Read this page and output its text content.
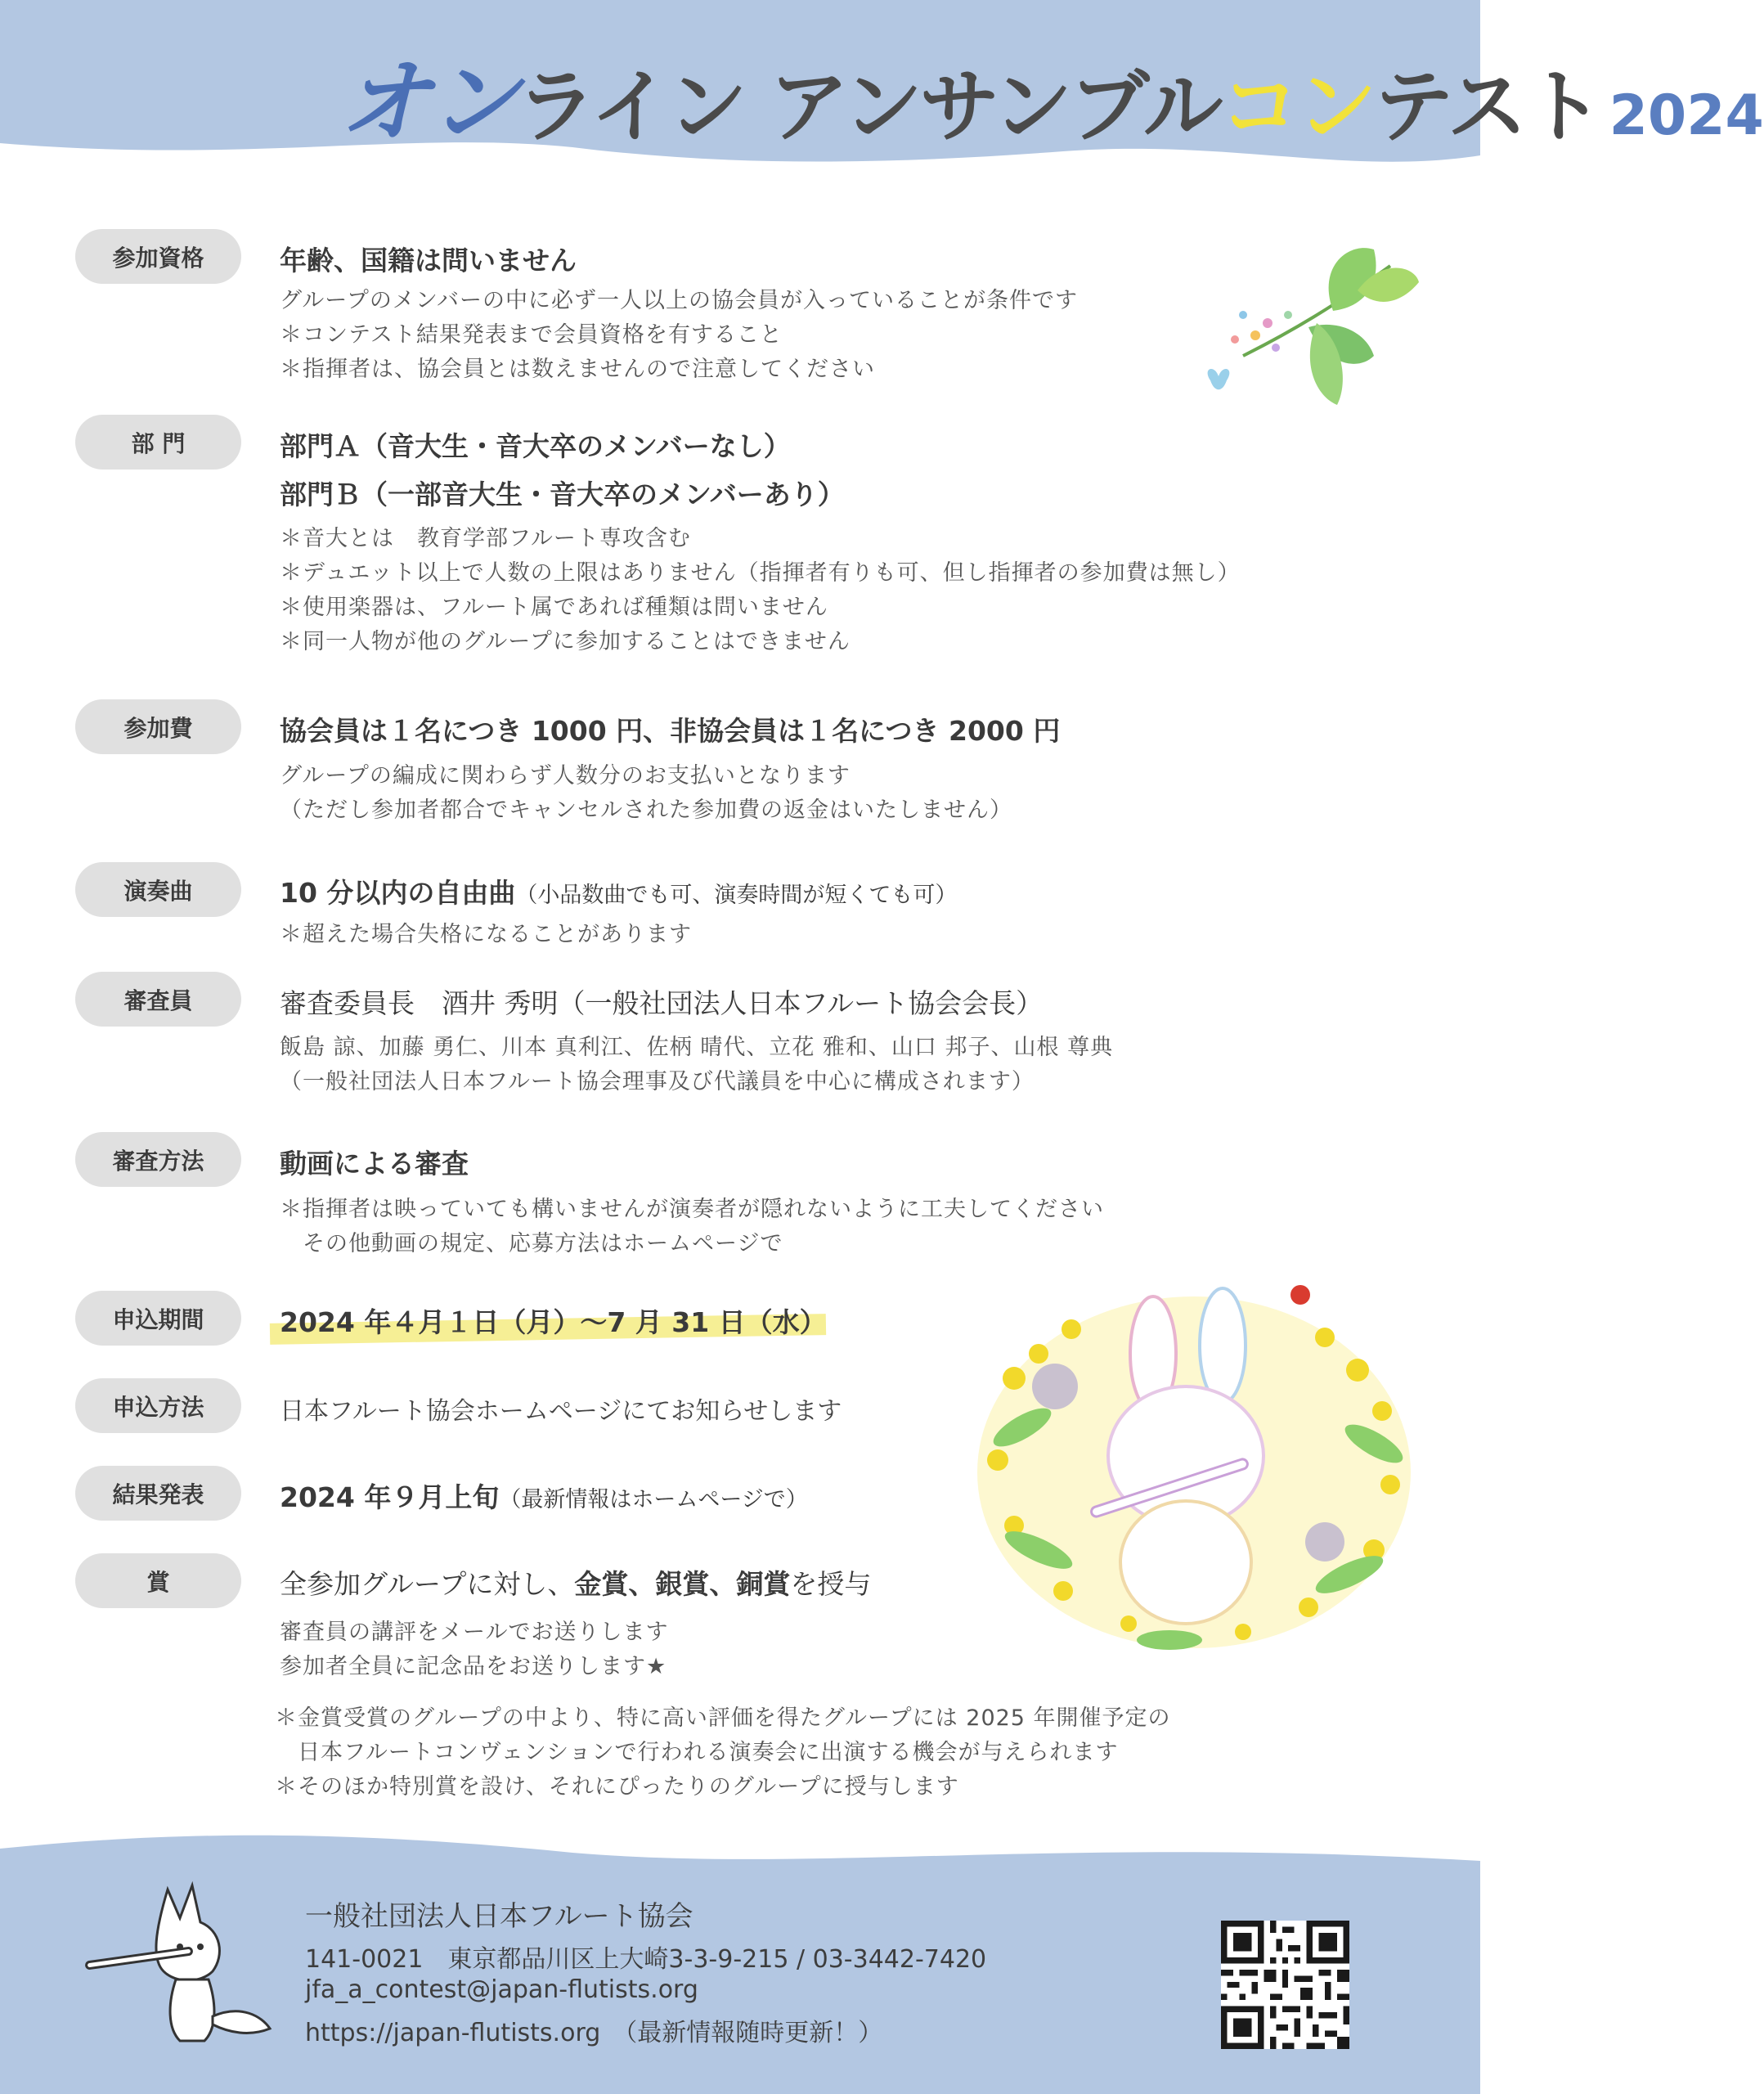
オン ライン アンサンブル コン テスト 2024
参加資格	年齢、国籍は問いません
グループのメンバーの中に必ず一人以上の協会員が入っていることが条件です
＊コンテスト結果発表まで会員資格を有すること
＊指揮者は、協会員とは数えませんので注意してください
部 門	部門Ａ（音大生・音大卒のメンバーなし）
部門Ｂ（一部音大生・音大卒のメンバーあり）
＊音大とは　教育学部フルート専攻含む
＊デュエット以上で人数の上限はありません（指揮者有りも可、但し指揮者の参加費は無し）
＊使用楽器は、フルート属であれば種類は問いません
＊同一人物が他のグループに参加することはできません
参加費	協会員は１名につき 1000 円、非協会員は１名につき 2000 円
グループの編成に関わらず人数分のお支払いとなります
（ただし参加者都合でキャンセルされた参加費の返金はいたしません）
演奏曲	10 分以内の自由曲（小品数曲でも可、演奏時間が短くても可）
＊超えた場合失格になることがあります
審査員	審査委員長　酒井 秀明（一般社団法人日本フルート協会会長）
飯島 諒、加藤 勇仁、川本 真利江、佐柄 晴代、立花 雅和、山口 邦子、山根 尊典
（一般社団法人日本フルート協会理事及び代議員を中心に構成されます）
審査方法	動画による審査
＊指揮者は映っていても構いませんが演奏者が隠れないように工夫してください
　その他動画の規定、応募方法はホームページで
申込期間	2024 年４月１日（月）～7 月 31 日（水）
申込方法	日本フルート協会ホームページにてお知らせします
結果発表	2024 年９月上旬（最新情報はホームページで）
賞	全参加グループに対し、金賞、銀賞、銅賞を授与
審査員の講評をメールでお送りします
参加者全員に記念品をお送りします★
＊金賞受賞のグループの中より、特に高い評価を得たグループには 2025 年開催予定の
　日本フルートコンヴェンションで行われる演奏会に出演する機会が与えられます
＊そのほか特別賞を設け、それにぴったりのグループに授与します
一般社団法人日本フルート協会
141-0021　東京都品川区上大崎3-3-9-215 / 03-3442-7420
jfa_a_contest@japan-flutists.org
https://japan-flutists.org　（最新情報随時更新！）
